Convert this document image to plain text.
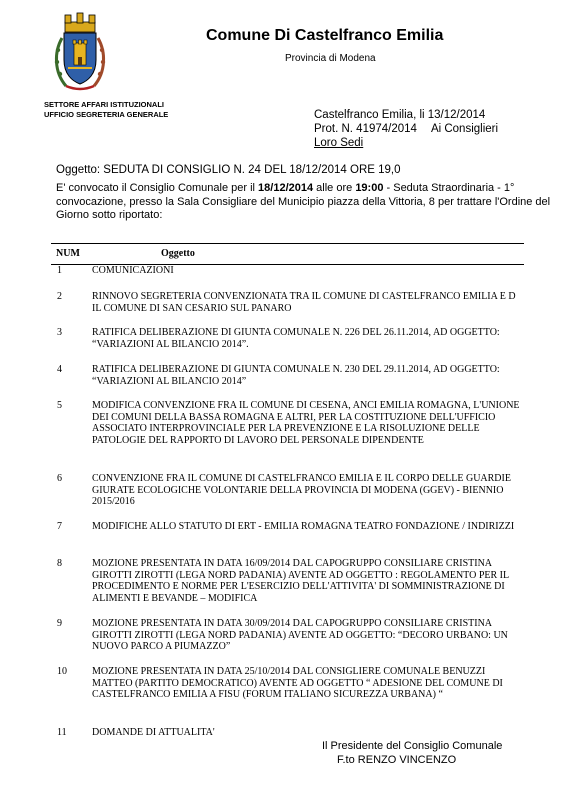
Comune Di Castelfranco Emilia
Provincia di Modena
SETTORE AFFARI ISTITUZIONALI
UFFICIO SEGRETERIA GENERALE	Castelfranco Emilia, li 13/12/2014
Prot. N. 41974/2014 Ai Consiglieri
Loro Sedi
Oggetto: SEDUTA DI CONSIGLIO N. 24 DEL 18/12/2014 ORE 19,0
E' convocato il Consiglio Comunale per il 18/12/2014 alle ore 19:00 - Seduta Straordinaria - 1° convocazione, presso la Sala Consigliare del Municipio piazza della Vittoria, 8 per trattare l'Ordine del Giorno sotto riportato:
NUM	Oggetto
1	COMUNICAZIONI
2	RINNOVO SEGRETERIA CONVENZIONATA TRA IL COMUNE DI CASTELFRANCO EMILIA E D IL COMUNE DI SAN CESARIO SUL PANARO
3	RATIFICA DELIBERAZIONE DI GIUNTA COMUNALE N. 226 DEL 26.11.2014, AD OGGETTO: “VARIAZIONI AL BILANCIO 2014”.
4	RATIFICA DELIBERAZIONE DI GIUNTA COMUNALE N. 230 DEL 29.11.2014, AD OGGETTO: “VARIAZIONI AL BILANCIO 2014”
5	MODIFICA CONVENZIONE FRA IL COMUNE DI CESENA, ANCI EMILIA ROMAGNA, L'UNIONE DEI COMUNI DELLA BASSA ROMAGNA E ALTRI, PER LA COSTITUZIONE DELL'UFFICIO ASSOCIATO INTERPROVINCIALE PER LA PREVENZIONE E LA RISOLUZIONE DELLE PATOLOGIE DEL RAPPORTO DI LAVORO DEL PERSONALE DIPENDENTE
6	CONVENZIONE FRA IL COMUNE DI CASTELFRANCO EMILIA E IL CORPO DELLE GUARDIE GIURATE ECOLOGICHE VOLONTARIE DELLA PROVINCIA DI MODENA (GGEV) - BIENNIO 2015/2016
7	MODIFICHE ALLO STATUTO DI ERT - EMILIA ROMAGNA TEATRO FONDAZIONE / INDIRIZZI
8	MOZIONE PRESENTATA IN DATA 16/09/2014 DAL CAPOGRUPPO CONSILIARE CRISTINA GIROTTI ZIROTTI (LEGA NORD PADANIA) AVENTE AD OGGETTO : REGOLAMENTO PER IL PROCEDIMENTO E NORME PER L'ESERCIZIO DELL'ATTIVITA' DI SOMMINISTRAZIONE DI ALIMENTI E BEVANDE – MODIFICA
9	MOZIONE PRESENTATA IN DATA 30/09/2014 DAL CAPOGRUPPO CONSILIARE CRISTINA GIROTTI ZIROTTI (LEGA NORD PADANIA) AVENTE AD OGGETTO: “DECORO URBANO: UN NUOVO PARCO A PIUMAZZO”
10	MOZIONE PRESENTATA IN DATA 25/10/2014 DAL CONSIGLIERE COMUNALE BENUZZI MATTEO (PARTITO DEMOCRATICO) AVENTE AD OGGETTO “ ADESIONE DEL COMUNE DI CASTELFRANCO EMILIA A FISU (FORUM ITALIANO SICUREZZA URBANA) “
11	DOMANDE DI ATTUALITA'
Il Presidente del Consiglio Comunale
F.to RENZO VINCENZO
